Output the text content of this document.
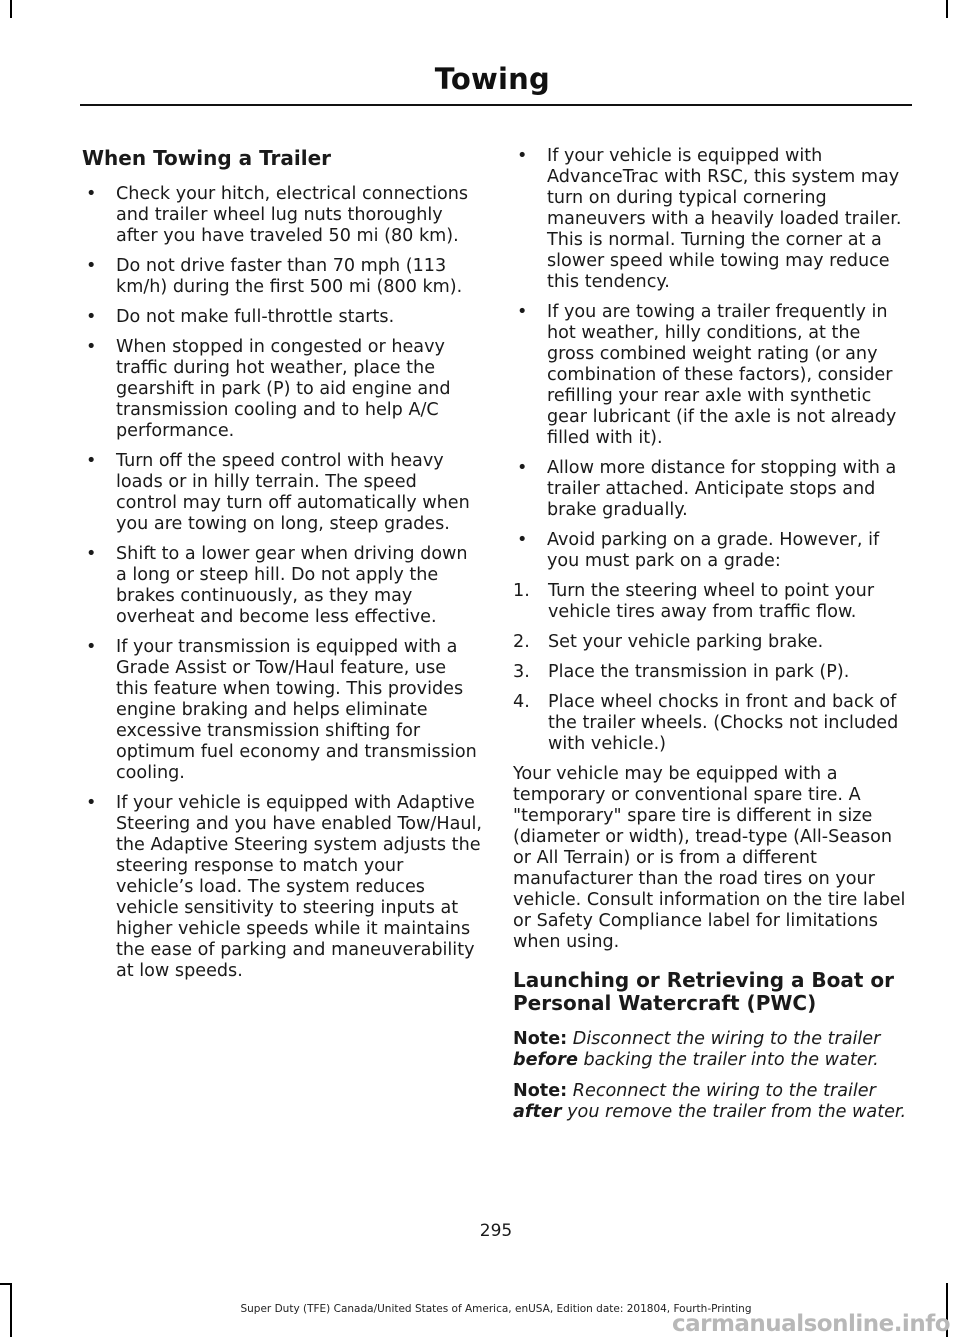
Towing
When Towing a Trailer
• Check your hitch, electrical connections and trailer wheel lug nuts thoroughly after you have traveled 50 mi (80 km).
• Do not drive faster than 70 mph (113 km/h) during the first 500 mi (800 km).
• Do not make full-throttle starts.
• When stopped in congested or heavy traffic during hot weather, place the gearshift in park (P) to aid engine and transmission cooling and to help A/C performance.
• Turn off the speed control with heavy loads or in hilly terrain. The speed control may turn off automatically when you are towing on long, steep grades.
• Shift to a lower gear when driving down a long or steep hill. Do not apply the brakes continuously, as they may overheat and become less effective.
• If your transmission is equipped with a Grade Assist or Tow/Haul feature, use this feature when towing. This provides engine braking and helps eliminate excessive transmission shifting for optimum fuel economy and transmission cooling.
• If your vehicle is equipped with Adaptive Steering and you have enabled Tow/Haul, the Adaptive Steering system adjusts the steering response to match your vehicle’s load. The system reduces vehicle sensitivity to steering inputs at higher vehicle speeds while it maintains the ease of parking and maneuverability at low speeds.
• If your vehicle is equipped with AdvanceTrac with RSC, this system may turn on during typical cornering maneuvers with a heavily loaded trailer. This is normal. Turning the corner at a slower speed while towing may reduce this tendency.
• If you are towing a trailer frequently in hot weather, hilly conditions, at the gross combined weight rating (or any combination of these factors), consider refilling your rear axle with synthetic gear lubricant (if the axle is not already filled with it).
• Allow more distance for stopping with a trailer attached. Anticipate stops and brake gradually.
• Avoid parking on a grade. However, if you must park on a grade:
1. Turn the steering wheel to point your vehicle tires away from traffic flow.
2. Set your vehicle parking brake.
3. Place the transmission in park (P).
4. Place wheel chocks in front and back of the trailer wheels. (Chocks not included with vehicle.)

Your vehicle may be equipped with a temporary or conventional spare tire. A "temporary" spare tire is different in size (diameter or width), tread-type (All-Season or All Terrain) or is from a different manufacturer than the road tires on your vehicle. Consult information on the tire label or Safety Compliance label for limitations when using.

Launching or Retrieving a Boat or Personal Watercraft (PWC)

Note: Disconnect the wiring to the trailer before backing the trailer into the water.

Note: Reconnect the wiring to the trailer after you remove the trailer from the water.

295
Super Duty (TFE) Canada/United States of America, enUSA, Edition date: 201804, Fourth-Printing
carmanualsonline.info
